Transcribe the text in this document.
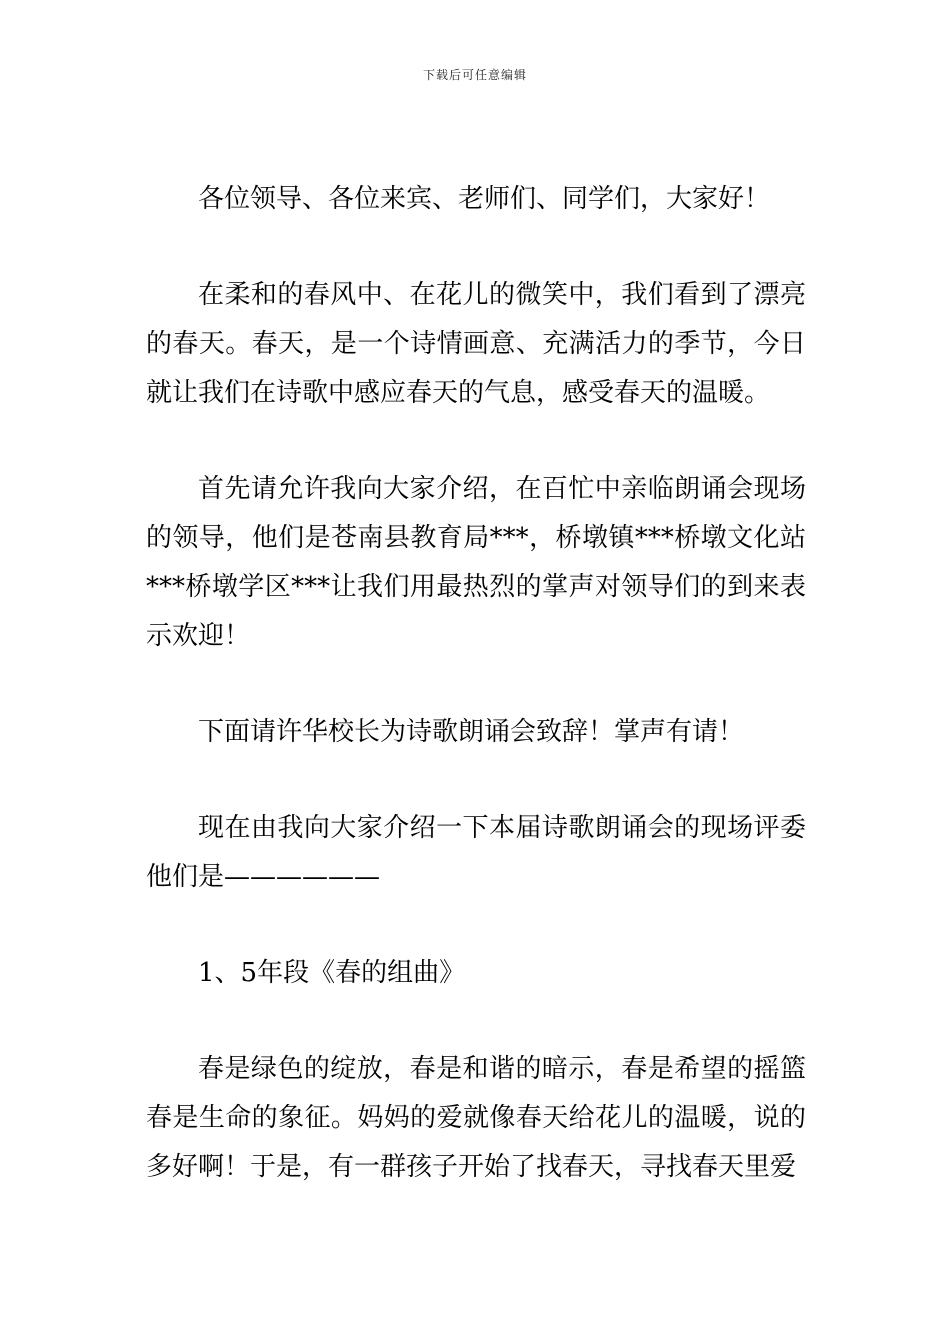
下载后可任意编辑

各位领导、各位来宾、老师们、同学们，大家好！

在柔和的春风中、在花儿的微笑中，我们看到了漂亮的春天。春天，是一个诗情画意、充满活力的季节，今日就让我们在诗歌中感应春天的气息，感受春天的温暖。

首先请允许我向大家介绍，在百忙中亲临朗诵会现场的领导，他们是苍南县教育局***，桥墩镇***桥墩文化站***桥墩学区***让我们用最热烈的掌声对领导们的到来表示欢迎！

下面请许华校长为诗歌朗诵会致辞！掌声有请！

现在由我向大家介绍一下本届诗歌朗诵会的现场评委他们是——————

1、5年段《春的组曲》

春是绿色的绽放，春是和谐的暗示，春是希望的摇篮春是生命的象征。妈妈的爱就像春天给花儿的温暖，说的多好啊！于是，有一群孩子开始了找春天，寻找春天里爱
